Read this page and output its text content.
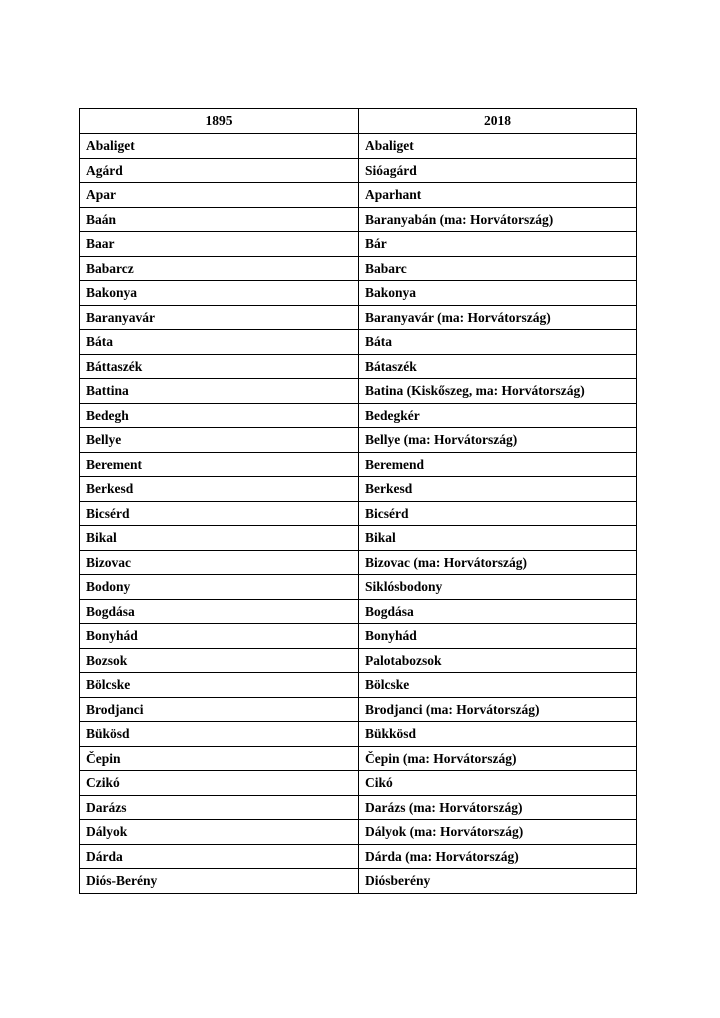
1895	2018
Abaliget	Abaliget
Agárd	Sióagárd
Apar	Aparhant
Baán	Baranyabán (ma: Horvátország)
Baar	Bár
Babarcz	Babarc
Bakonya	Bakonya
Baranyavár	Baranyavár (ma: Horvátország)
Báta	Báta
Báttaszék	Bátaszék
Battina	Batina (Kiskőszeg, ma: Horvátország)
Bedegh	Bedegkér
Bellye	Bellye (ma: Horvátország)
Berement	Beremend
Berkesd	Berkesd
Bicsérd	Bicsérd
Bikal	Bikal
Bizovac	Bizovac (ma: Horvátország)
Bodony	Siklósbodony
Bogdása	Bogdása
Bonyhád	Bonyhád
Bozsok	Palotabozsok
Bölcske	Bölcske
Brodjanci	Brodjanci (ma: Horvátország)
Bükösd	Bükkösd
Čepin	Čepin (ma: Horvátország)
Czikó	Cikó
Darázs	Darázs (ma: Horvátország)
Dályok	Dályok (ma: Horvátország)
Dárda	Dárda (ma: Horvátország)
Diós-Berény	Diósberény
